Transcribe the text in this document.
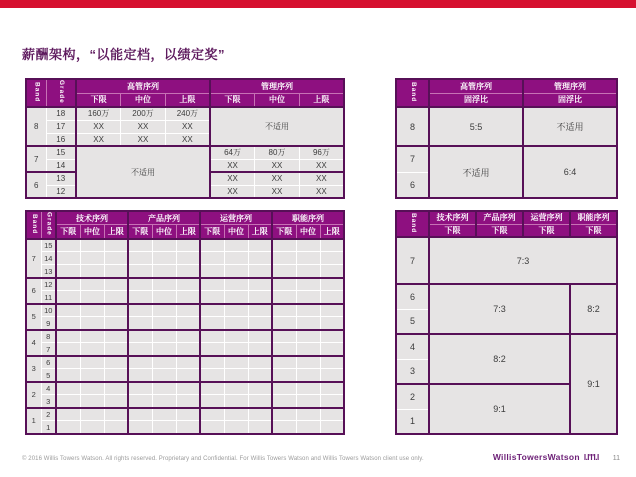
薪酬架构，“以能定档，以绩定奖”
Band	Grade	高管序列			管理序列		
		下限	中位	上限	下限	中位	上限
8	18	160万	200万	240万	不适用		
	17	XX	XX	XX			
	16	XX	XX	XX			
7	15	不适用			64万	80万	96万
	14				XX	XX	XX
6	13				XX	XX	XX
	12				XX	XX	XX
Band	高管序列	管理序列
	固浮比	固浮比
8	5:5	不适用
7	不适用	6:4
6		
Band	Grade	技术序列			产品序列			运营序列			职能序列		
		下限	中位	上限	下限	中位	上限	下限	中位	上限	下限	中位	上限
7	15												
	14												
	13												
6	12												
	11												
5	10												
	9												
4	8												
	7												
3	6												
	5												
2	4												
	3												
1	2												
	1												
Band	技术序列	产品序列	运营序列	职能序列
	下限	下限	下限	下限
7	7:3			
6	7:3			8:2
5				
4	8:2			9:1
3				
2	9:1			
1				
© 2016 Willis Towers Watson. All rights reserved. Proprietary and Confidential. For Willis Towers Watson and Willis Towers Watson client use only.	WillisTowersWatson I.I'I'I.I 11
